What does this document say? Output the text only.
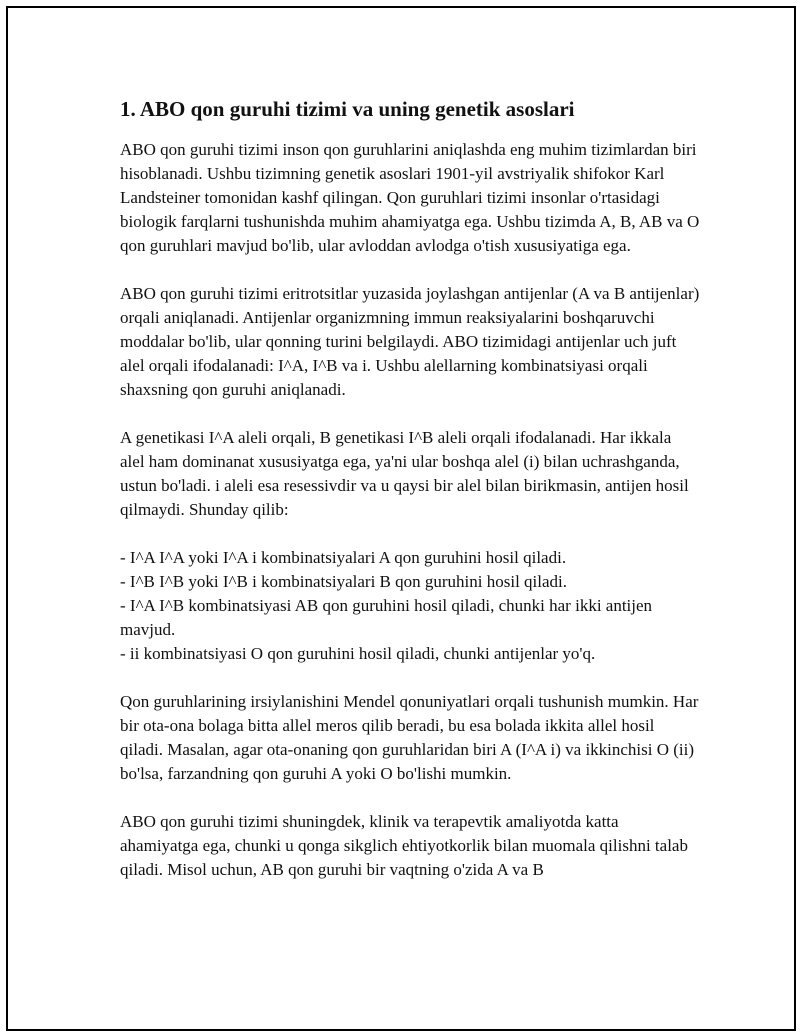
1. ABO qon guruhi tizimi va uning genetik asoslari

ABO qon guruhi tizimi inson qon guruhlarini aniqlashda eng muhim tizimlardan biri hisoblanadi. Ushbu tizimning genetik asoslari 1901-yil avstriyalik shifokor Karl Landsteiner tomonidan kashf qilingan. Qon guruhlari tizimi insonlar o'rtasidagi biologik farqlarni tushunishda muhim ahamiyatga ega. Ushbu tizimda A, B, AB va O qon guruhlari mavjud bo'lib, ular avloddan avlodga o'tish xususiyatiga ega.

ABO qon guruhi tizimi eritrotsitlar yuzasida joylashgan antijenlar (A va B antijenlar) orqali aniqlanadi. Antijenlar organizmning immun reaksiyalarini boshqaruvchi moddalar bo'lib, ular qonning turini belgilaydi. ABO tizimidagi antijenlar uch juft alel orqali ifodalanadi: I^A, I^B va i. Ushbu alellarning kombinatsiyasi orqali shaxsning qon guruhi aniqlanadi.

A genetikasi I^A aleli orqali, B genetikasi I^B aleli orqali ifodalanadi. Har ikkala alel ham dominanat xususiyatga ega, ya'ni ular boshqa alel (i) bilan uchrashganda, ustun bo'ladi. i aleli esa resessivdir va u qaysi bir alel bilan birikmasin, antijen hosil qilmaydi. Shunday qilib:

- I^A I^A yoki I^A i kombinatsiyalari A qon guruhini hosil qiladi.
- I^B I^B yoki I^B i kombinatsiyalari B qon guruhini hosil qiladi.
- I^A I^B kombinatsiyasi AB qon guruhini hosil qiladi, chunki har ikki antijen mavjud.
- ii kombinatsiyasi O qon guruhini hosil qiladi, chunki antijenlar yo'q.

Qon guruhlarining irsiylanishini Mendel qonuniyatlari orqali tushunish mumkin. Har bir ota-ona bolaga bitta allel meros qilib beradi, bu esa bolada ikkita allel hosil qiladi. Masalan, agar ota-onaning qon guruhlaridan biri A (I^A i) va ikkinchisi O (ii) bo'lsa, farzandning qon guruhi A yoki O bo'lishi mumkin.

ABO qon guruhi tizimi shuningdek, klinik va terapevtik amaliyotda katta ahamiyatga ega, chunki u qonga sikglich ehtiyotkorlik bilan muomala qilishni talab qiladi. Misol uchun, AB qon guruhi bir vaqtning o'zida A va B
